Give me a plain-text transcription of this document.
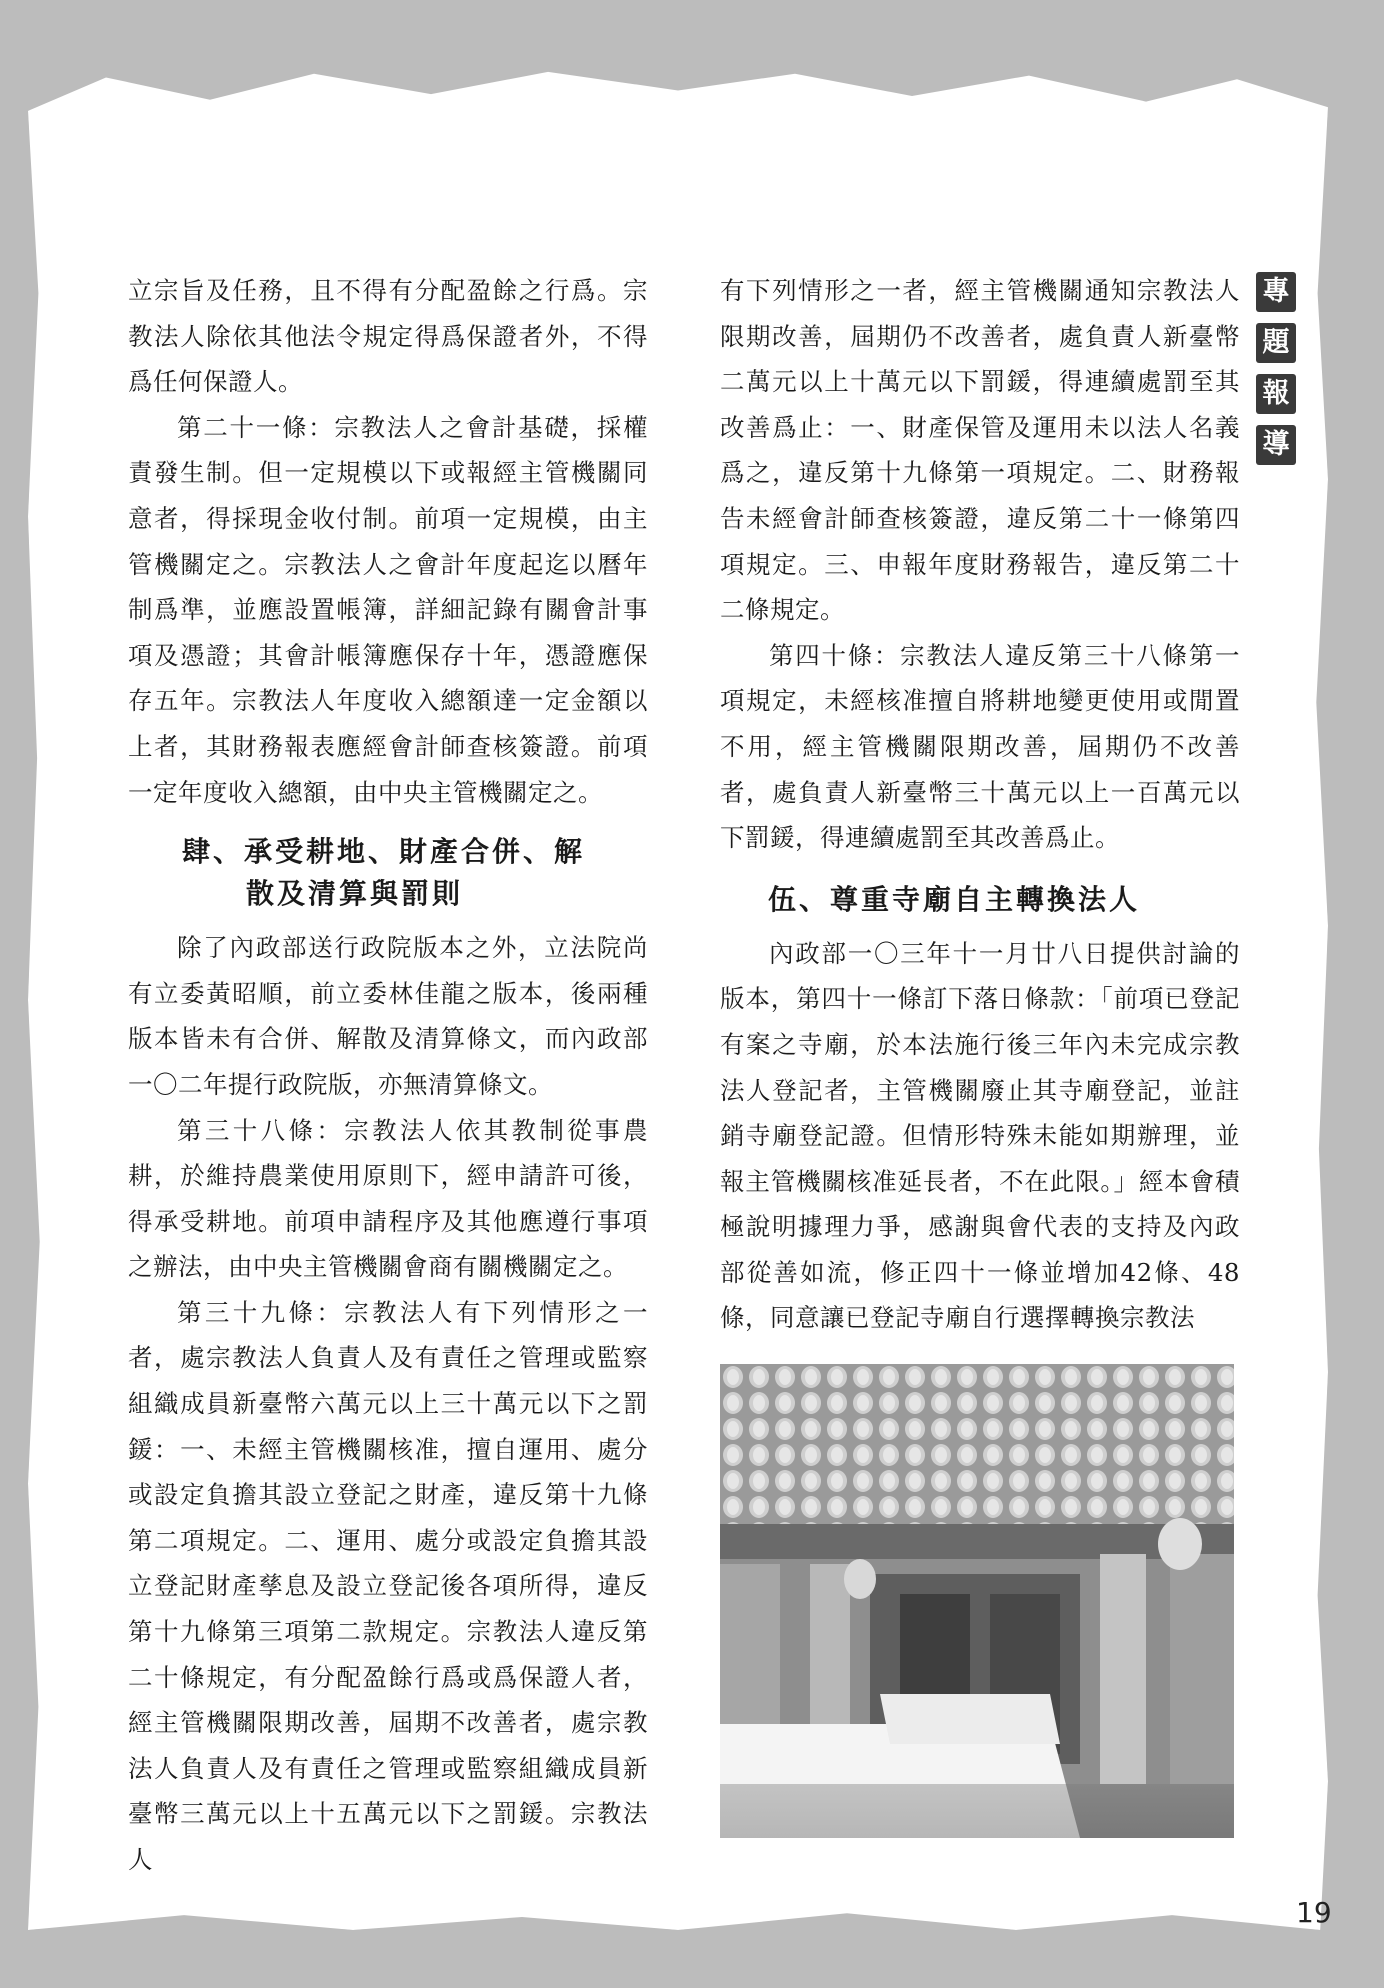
專
題
報
導

立宗旨及任務，且不得有分配盈餘之行爲。宗教法人除依其他法令規定得爲保證者外，不得爲任何保證人。

第二十一條：宗教法人之會計基礎，採權責發生制。但一定規模以下或報經主管機關同意者，得採現金收付制。前項一定規模，由主管機關定之。宗教法人之會計年度起迄以曆年制爲準，並應設置帳簿，詳細記錄有關會計事項及憑證；其會計帳簿應保存十年，憑證應保存五年。宗教法人年度收入總額達一定金額以上者，其財務報表應經會計師查核簽證。前項一定年度收入總額，由中央主管機關定之。

肆、承受耕地、財產合併、解
散及清算與罰則

除了內政部送行政院版本之外，立法院尚有立委黃昭順，前立委林佳龍之版本，後兩種版本皆未有合併、解散及清算條文，而內政部一〇二年提行政院版，亦無清算條文。

第三十八條：宗教法人依其教制從事農耕，於維持農業使用原則下，經申請許可後，得承受耕地。前項申請程序及其他應遵行事項之辦法，由中央主管機關會商有關機關定之。

第三十九條：宗教法人有下列情形之一者，處宗教法人負責人及有責任之管理或監察組織成員新臺幣六萬元以上三十萬元以下之罰鍰：一、未經主管機關核准，擅自運用、處分或設定負擔其設立登記之財產，違反第十九條第二項規定。二、運用、處分或設定負擔其設立登記財產孳息及設立登記後各項所得，違反第十九條第三項第二款規定。宗教法人違反第二十條規定，有分配盈餘行爲或爲保證人者，經主管機關限期改善，屆期不改善者，處宗教法人負責人及有責任之管理或監察組織成員新臺幣三萬元以上十五萬元以下之罰鍰。宗教法人

有下列情形之一者，經主管機關通知宗教法人限期改善，屆期仍不改善者，處負責人新臺幣二萬元以上十萬元以下罰鍰，得連續處罰至其改善爲止：一、財產保管及運用未以法人名義爲之，違反第十九條第一項規定。二、財務報告未經會計師查核簽證，違反第二十一條第四項規定。三、申報年度財務報告，違反第二十二條規定。

第四十條：宗教法人違反第三十八條第一項規定，未經核准擅自將耕地變更使用或閒置不用，經主管機關限期改善，屆期仍不改善者，處負責人新臺幣三十萬元以上一百萬元以下罰鍰，得連續處罰至其改善爲止。

伍、尊重寺廟自主轉換法人

內政部一〇三年十一月廿八日提供討論的版本，第四十一條訂下落日條款：「前項已登記有案之寺廟，於本法施行後三年內未完成宗教法人登記者，主管機關廢止其寺廟登記，並註銷寺廟登記證。但情形特殊未能如期辦理，並報主管機關核准延長者，不在此限。」經本會積極說明據理力爭，感謝與會代表的支持及內政部從善如流，修正四十一條並增加42條、48條，同意讓已登記寺廟自行選擇轉換宗教法

19
